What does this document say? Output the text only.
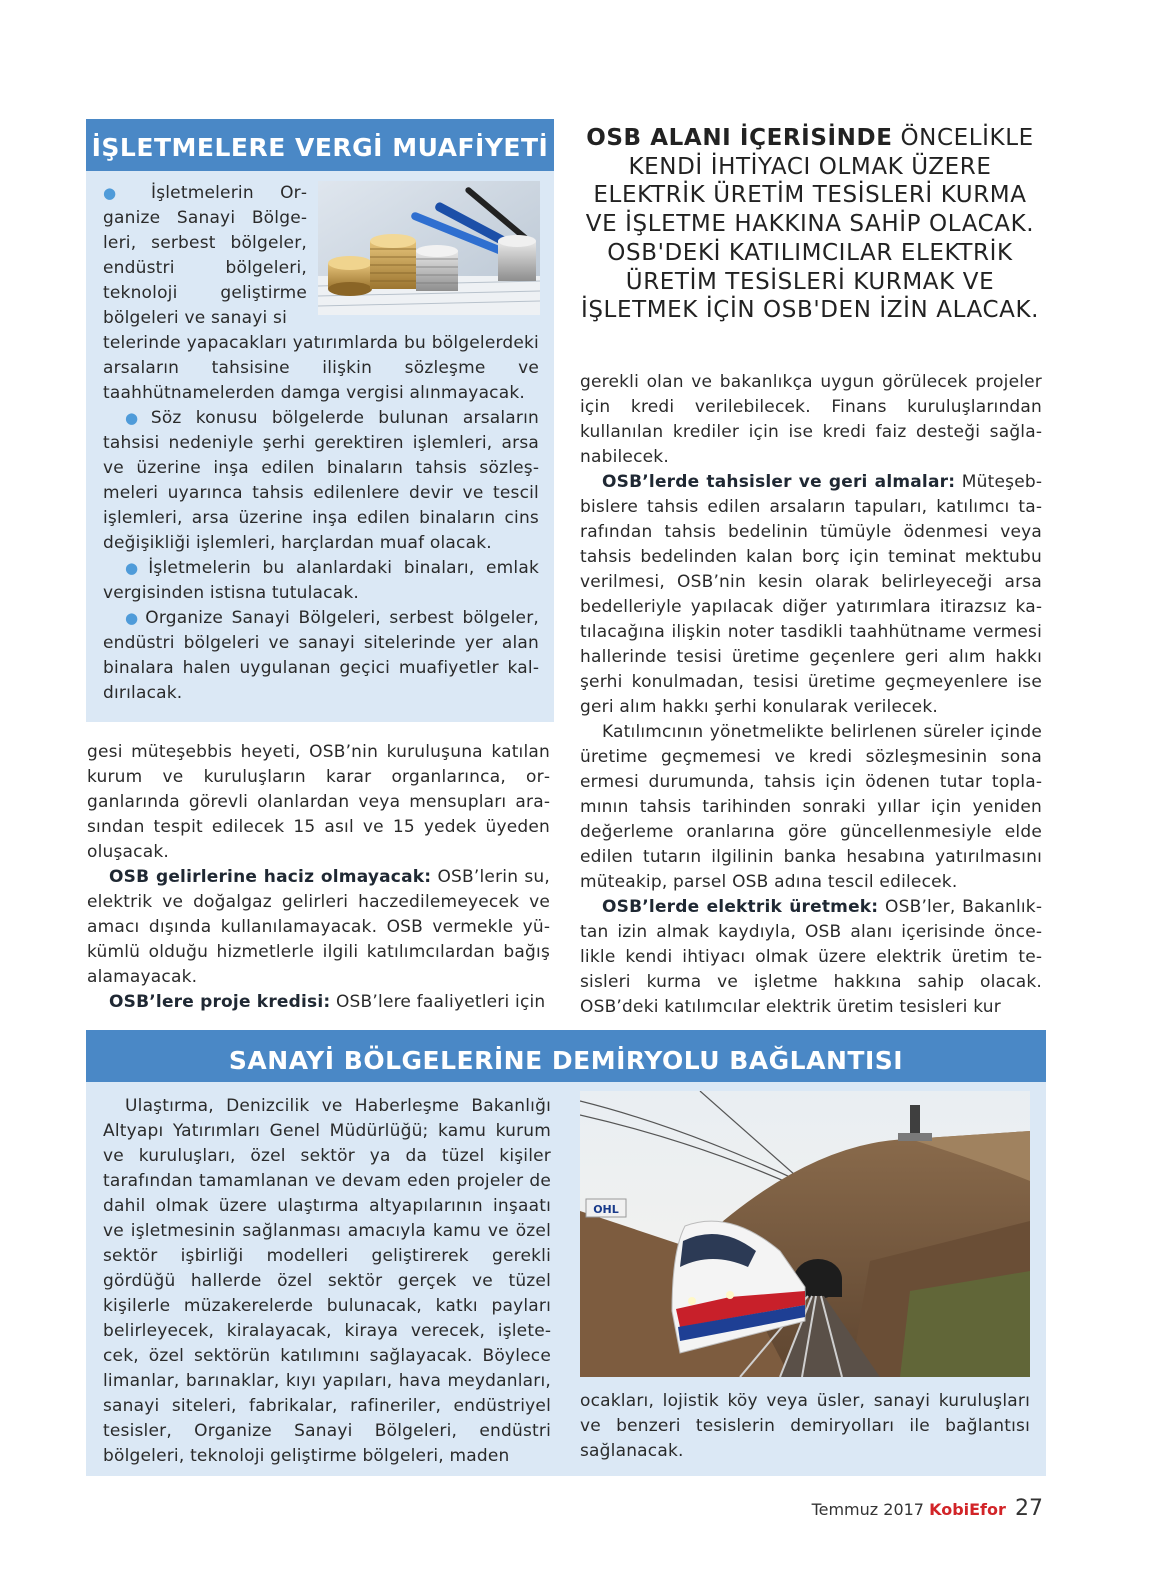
İŞLETMELERE VERGİ MUAFİYETİ

● İşletmelerin Organize Sanayi Bölgeleri, serbest bölgeler, endüstri bölgeleri, teknoloji geliştirme bölgeleri ve sanayi si

telerinde yapacakları yatırımlarda bu bölgelerdeki arsaların tahsisine ilişkin sözleşme ve taahhütnamelerden damga vergisi alınmayacak.

● Söz konusu bölgelerde bulunan arsaların tahsisi nedeniyle şerhi gerektiren işlemleri, arsa ve üzerine inşa edilen binaların tahsis sözleşmeleri uyarınca tahsis edilenlere devir ve tescil işlemleri, arsa üzerine inşa edilen binaların cins değişikliği işlemleri, harçlardan muaf olacak.

● İşletmelerin bu alanlardaki binaları, emlak vergisinden istisna tutulacak.

● Organize Sanayi Bölgeleri, serbest bölgeler, endüstri bölgeleri ve sanayi sitelerinde yer alan binalara halen uygulanan geçici muafiyetler kaldırılacak.

OSB ALANI İÇERİSİNDE ÖNCELİKLE KENDİ İHTİYACI OLMAK ÜZERE ELEKTRİK ÜRETİM TESİSLERİ KURMA VE İŞLETME HAKKINA SAHİP OLACAK. OSB'DEKİ KATILIMCILAR ELEKTRİK ÜRETİM TESİSLERİ KURMAK VE İŞLETMEK İÇİN OSB'DEN İZİN ALACAK.

gesi müteşebbis heyeti, OSB’nin kuruluşuna katılan kurum ve kuruluşların karar organlarınca, organlarında görevli olanlardan veya mensupları arasından tespit edilecek 15 asıl ve 15 yedek üyeden oluşacak.

OSB gelirlerine haciz olmayacak: OSB’lerin su, elektrik ve doğalgaz gelirleri haczedilemeyecek ve amacı dışında kullanılamayacak. OSB vermekle yükümlü olduğu hizmetlerle ilgili katılımcılardan bağış alamayacak.

OSB’lere proje kredisi: OSB’lere faaliyetleri için

gerekli olan ve bakanlıkça uygun görülecek projeler için kredi verilebilecek. Finans kuruluşlarından kullanılan krediler için ise kredi faiz desteği sağlanabilecek.

OSB’lerde tahsisler ve geri almalar: Müteşebbislere tahsis edilen arsaların tapuları, katılımcı tarafından tahsis bedelinin tümüyle ödenmesi veya tahsis bedelinden kalan borç için teminat mektubu verilmesi, OSB’nin kesin olarak belirleyeceği arsa bedelleriyle yapılacak diğer yatırımlara itirazsız katılacağına ilişkin noter tasdikli taahhütname vermesi hallerinde tesisi üretime geçenlere geri alım hakkı şerhi konulmadan, tesisi üretime geçmeyenlere ise geri alım hakkı şerhi konularak verilecek.

Katılımcının yönetmelikte belirlenen süreler içinde üretime geçmemesi ve kredi sözleşmesinin sona ermesi durumunda, tahsis için ödenen tutar toplamının tahsis tarihinden sonraki yıllar için yeniden değerleme oranlarına göre güncellenmesiyle elde edilen tutarın ilgilinin banka hesabına yatırılmasını müteakip, parsel OSB adına tescil edilecek.

OSB’lerde elektrik üretmek: OSB’ler, Bakanlıktan izin almak kaydıyla, OSB alanı içerisinde öncelikle kendi ihtiyacı olmak üzere elektrik üretim tesisleri kurma ve işletme hakkına sahip olacak. OSB’deki katılımcılar elektrik üretim tesisleri kur

SANAYİ BÖLGELERİNE DEMİRYOLU BAĞLANTISI

Ulaştırma, Denizcilik ve Haberleşme Bakanlığı Altyapı Yatırımları Genel Müdürlüğü; kamu kurum ve kuruluşları, özel sektör ya da tüzel kişiler tarafından tamamlanan ve devam eden projeler de dahil olmak üzere ulaştırma altyapılarının inşaatı ve işletmesinin sağlanması amacıyla kamu ve özel sektör işbirliği modelleri geliştirerek gerekli gördüğü hallerde özel sektör gerçek ve tüzel kişilerle müzakerelerde bulunacak, katkı payları belirleyecek, kiralayacak, kiraya verecek, işletecek, özel sektörün katılımını sağlayacak. Böylece limanlar, barınaklar, kıyı yapıları, hava meydanları, sanayi siteleri, fabrikalar, rafineriler, endüstriyel tesisler, Organize Sanayi Bölgeleri, endüstri bölgeleri, teknoloji geliştirme bölgeleri, maden

OHL

ocakları, lojistik köy veya üsler, sanayi kuruluşları ve benzeri tesislerin demiryolları ile bağlantısı sağlanacak.

Temmuz 2017 KobiEfor 27
